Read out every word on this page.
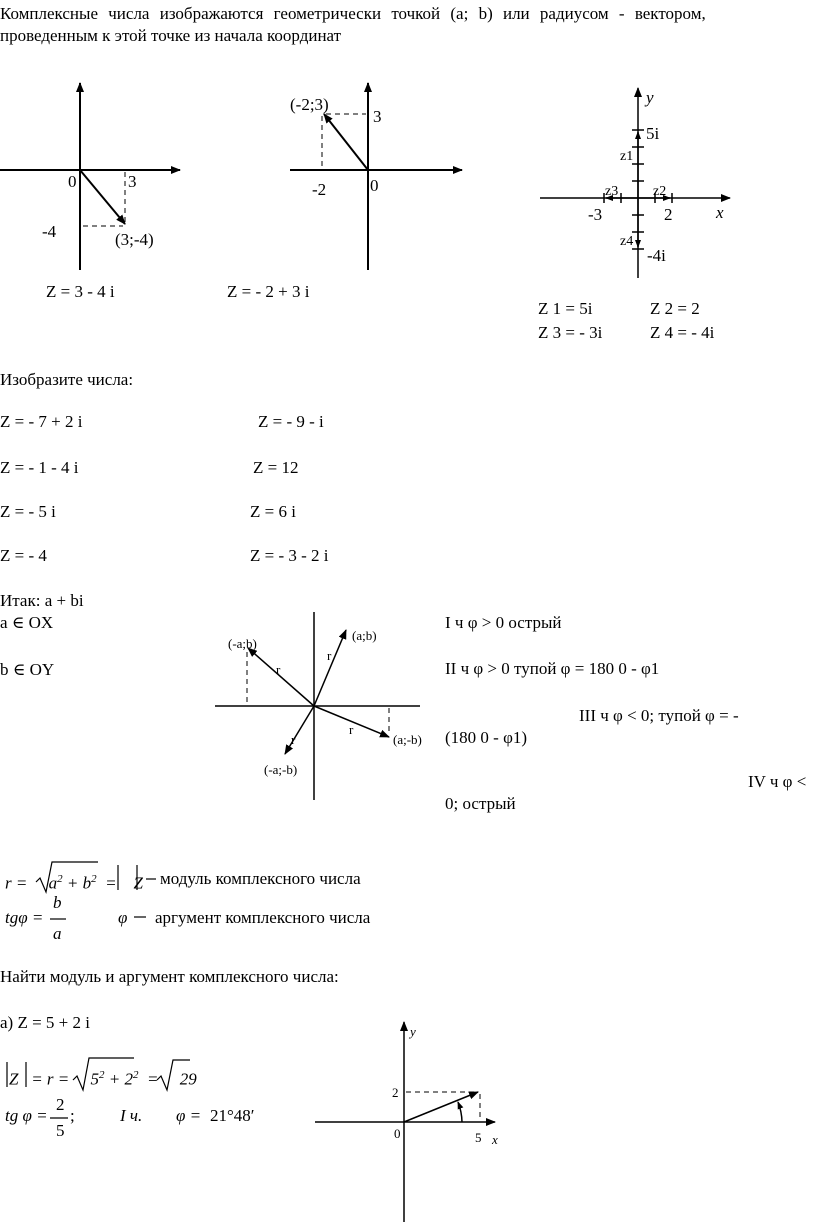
Комплексные числа изображаются геометрически точкой (a; b) или радиусом - вектором,
проведенным к этой точке из начала координат
0	3
-4	(3;-4)
Z = 3 - 4 i
(-2;3)
3
-2	0
Z = - 2 + 3 i
y
x
5i
-4i
-3	2
z1
z2
z3
z4
Z 1 = 5i	Z 2 = 2
Z 3 = - 3i	Z 4 = - 4i
Изобразите числа:
Z = - 7 + 2 i	Z = - 9 - i
Z = - 1 - 4 i	Z = 12
Z = - 5 i	Z = 6 i
Z = - 4	Z = - 3 - 2 i
Итак: a + bi
a ∈ OX
b ∈ OY
(a;b)
(-a;b)
(a;-b)
(-a;-b)
r
r
r
r
I ч φ > 0 острый
II ч φ > 0 тупой φ = 180 0 - φ1
III ч φ < 0; тупой φ = -
(180 0 - φ1)
IV ч φ <
0; острый
r =     $a^2 + b^2$  =    Z модуль комплексного числа
tgφ =
b
a
φ аргумент комплексного числа
Найти модуль и аргумент комплексного числа:
а) Z = 5 + 2 i
Z   = r =     $5^2 + 2^2$  =     29
tg φ =
2
5
;	I ч. φ = 21°48′
y
x
0	5
2
